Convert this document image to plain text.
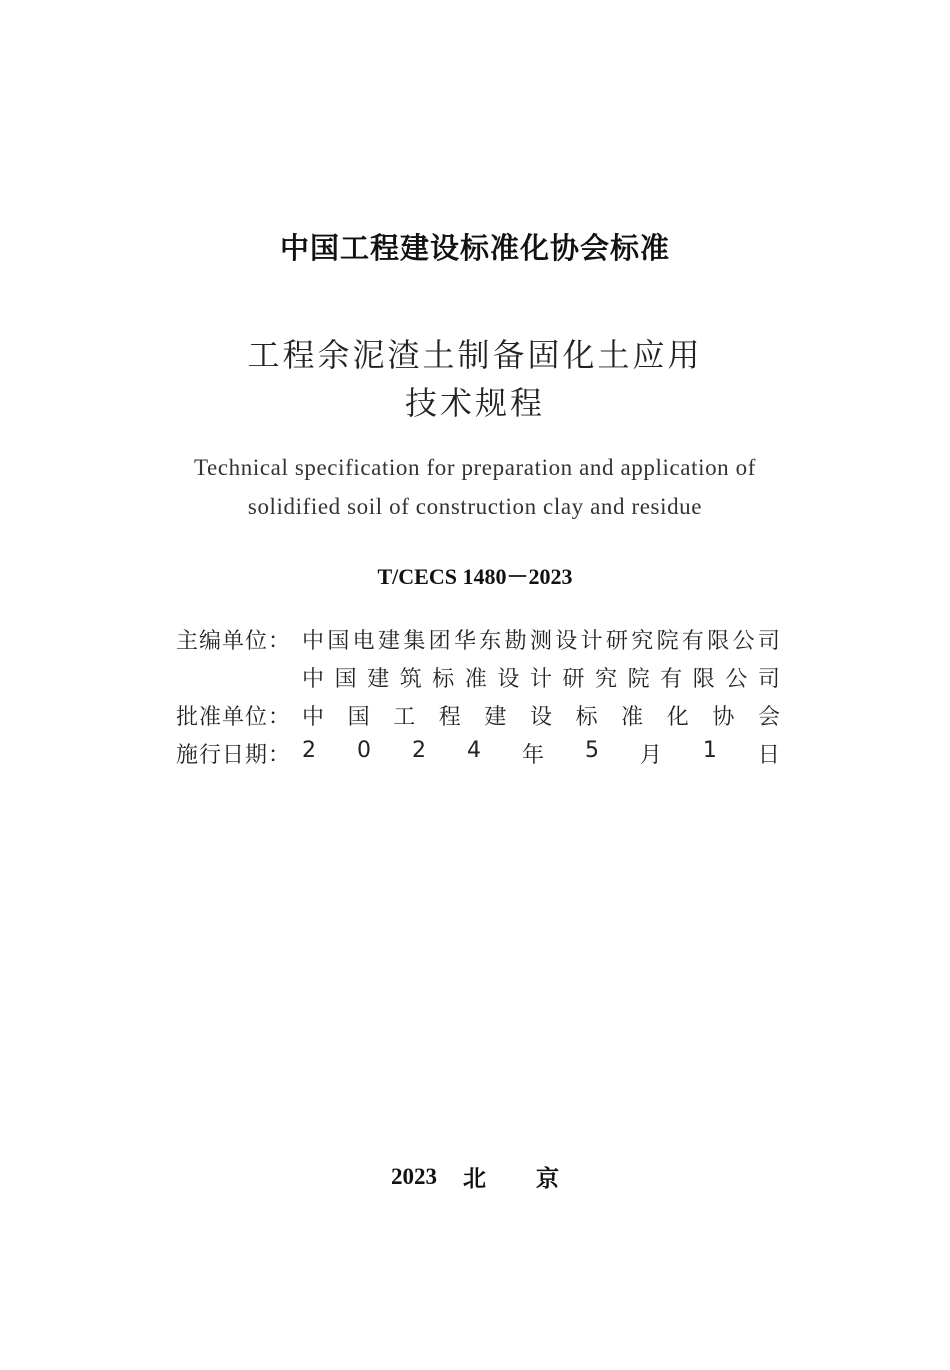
中国工程建设标准化协会标准
工程余泥渣土制备固化土应用
技术规程
Technical specification for preparation and application of
solidified soil of construction clay and residue
T/CECS 1480－2023
主编单位： 中 国 电 建 集 团 华 东 勘 测 设 计 研 究 院 有 限 公 司
中 国 建 筑 标 准 设 计 研 究 院 有 限 公 司
批准单位： 中 国 工 程 建 设 标 准 化 协 会
施行日期： 2 0 2 4 年 5 月 1 日
2023 北 京
